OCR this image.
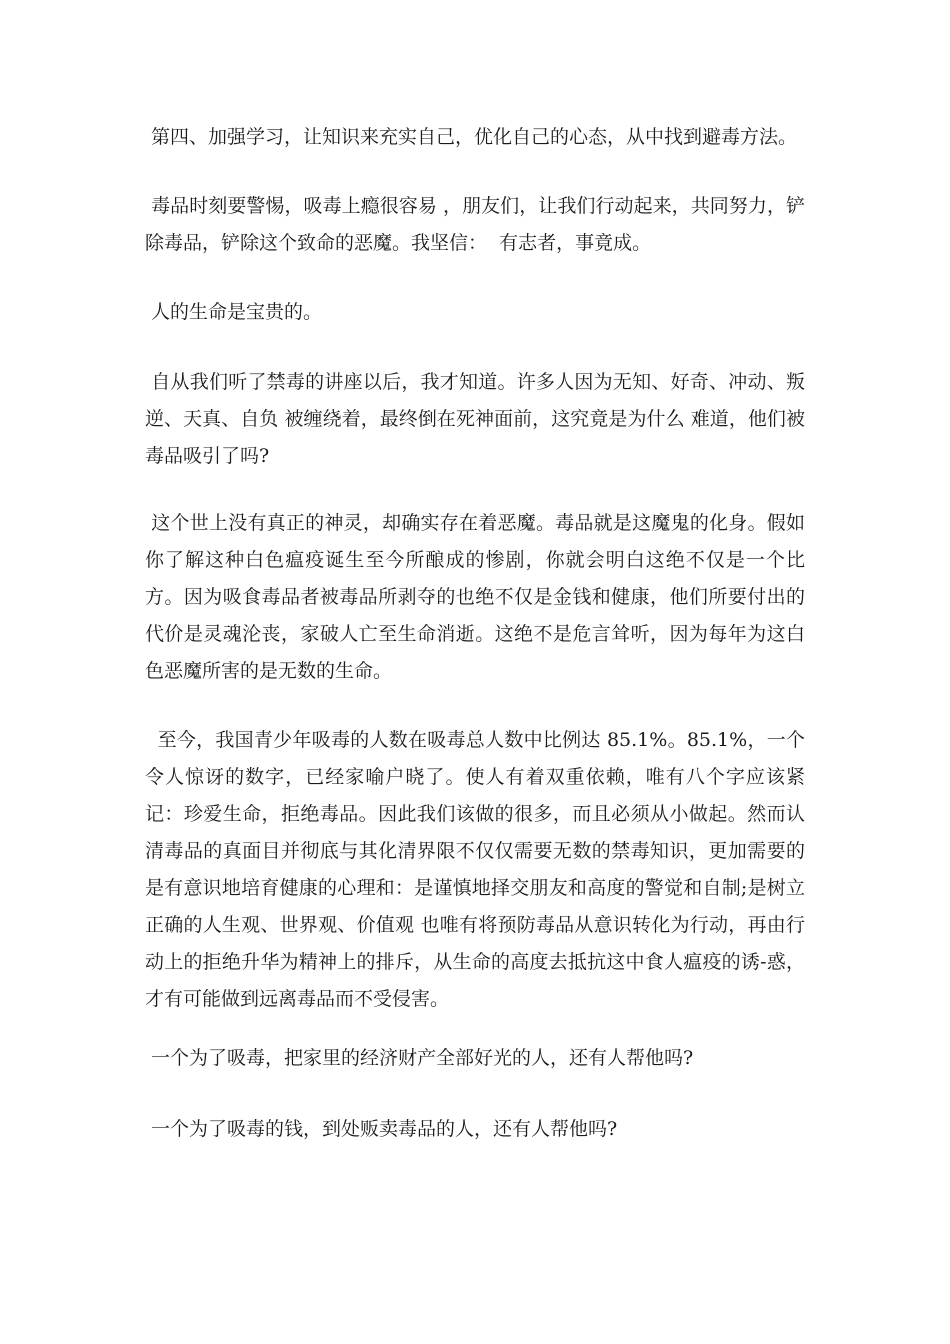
第四、加强学习，让知识来充实自己，优化自己的心态，从中找到避毒方法。

毒品时刻要警惕，吸毒上瘾很容易 ，朋友们，让我们行动起来，共同努力，铲除毒品，铲除这个致命的恶魔。我坚信：  有志者，事竟成。

人的生命是宝贵的。

自从我们听了禁毒的讲座以后，我才知道。许多人因为无知、好奇、冲动、叛逆、天真、自负 被缠绕着，最终倒在死神面前，这究竟是为什么 难道，他们被毒品吸引了吗?

这个世上没有真正的神灵，却确实存在着恶魔。毒品就是这魔鬼的化身。假如你了解这种白色瘟疫诞生至今所酿成的惨剧，你就会明白这绝不仅是一个比方。因为吸食毒品者被毒品所剥夺的也绝不仅是金钱和健康，他们所要付出的代价是灵魂沦丧，家破人亡至生命消逝。这绝不是危言耸听，因为每年为这白色恶魔所害的是无数的生命。

至今，我国青少年吸毒的人数在吸毒总人数中比例达 85.1%。85.1%，一个令人惊讶的数字，已经家喻户晓了。使人有着双重依赖，唯有八个字应该紧记：珍爱生命，拒绝毒品。因此我们该做的很多，而且必须从小做起。然而认清毒品的真面目并彻底与其化清界限不仅仅需要无数的禁毒知识，更加需要的是有意识地培育健康的心理和：是谨慎地择交朋友和高度的警觉和自制;是树立正确的人生观、世界观、价值观 也唯有将预防毒品从意识转化为行动，再由行动上的拒绝升华为精神上的排斥，从生命的高度去抵抗这中食人瘟疫的诱-惑，才有可能做到远离毒品而不受侵害。

一个为了吸毒，把家里的经济财产全部好光的人，还有人帮他吗?

一个为了吸毒的钱，到处贩卖毒品的人，还有人帮他吗?
